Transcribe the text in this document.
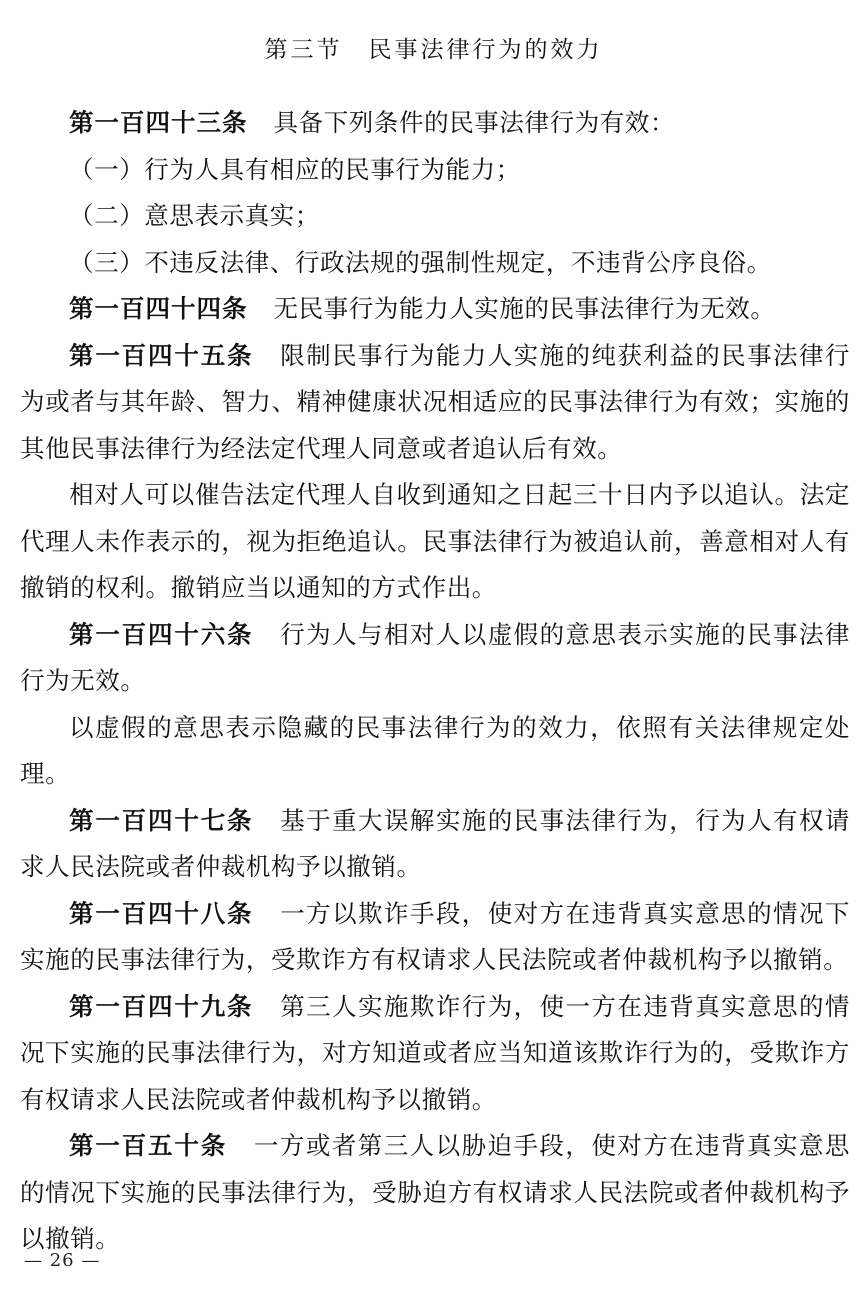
第三节　民事法律行为的效力

第一百四十三条 具备下列条件的民事法律行为有效：

（一）行为人具有相应的民事行为能力；

（二）意思表示真实；

（三）不违反法律、行政法规的强制性规定，不违背公序良俗。

第一百四十四条 无民事行为能力人实施的民事法律行为无效。

第一百四十五条 限制民事行为能力人实施的纯获利益的民事法律行为或者与其年龄、智力、精神健康状况相适应的民事法律行为有效；实施的其他民事法律行为经法定代理人同意或者追认后有效。

相对人可以催告法定代理人自收到通知之日起三十日内予以追认。法定代理人未作表示的，视为拒绝追认。民事法律行为被追认前，善意相对人有撤销的权利。撤销应当以通知的方式作出。

第一百四十六条 行为人与相对人以虚假的意思表示实施的民事法律行为无效。

以虚假的意思表示隐藏的民事法律行为的效力，依照有关法律规定处理。

第一百四十七条 基于重大误解实施的民事法律行为，行为人有权请求人民法院或者仲裁机构予以撤销。

第一百四十八条 一方以欺诈手段，使对方在违背真实意思的情况下实施的民事法律行为，受欺诈方有权请求人民法院或者仲裁机构予以撤销。

第一百四十九条 第三人实施欺诈行为，使一方在违背真实意思的情况下实施的民事法律行为，对方知道或者应当知道该欺诈行为的，受欺诈方有权请求人民法院或者仲裁机构予以撤销。

第一百五十条 一方或者第三人以胁迫手段，使对方在违背真实意思的情况下实施的民事法律行为，受胁迫方有权请求人民法院或者仲裁机构予以撤销。

— 26 —
